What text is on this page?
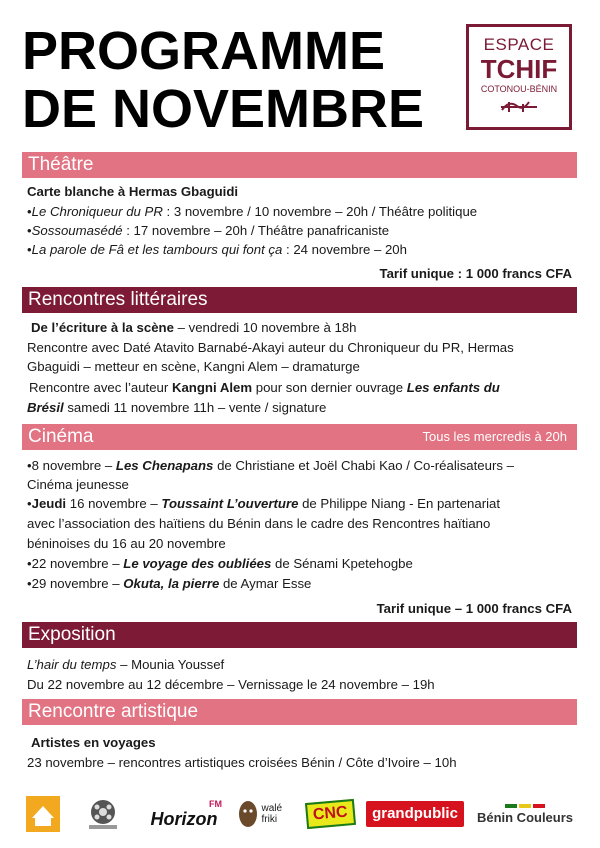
PROGRAMME
DE NOVEMBRE
ESPACE
TCHIF
COTONOU-BÉNIN
Théâtre
Carte blanche à Hermas Gbaguidi
•Le Chroniqueur du PR : 3 novembre / 10 novembre – 20h / Théâtre politique
•Sossoumasédé : 17 novembre – 20h / Théâtre panafricaniste
•La parole de Fâ et les tambours qui font ça : 24 novembre – 20h
Tarif unique : 1 000 francs CFA
Rencontres littéraires
De l’écriture à la scène – vendredi 10 novembre à 18h
Rencontre avec Daté Atavito Barnabé-Akayi auteur du Chroniqueur du PR, Hermas
Gbaguidi – metteur en scène, Kangni Alem – dramaturge
Rencontre avec l’auteur Kangni Alem pour son dernier ouvrage Les enfants du
Brésil samedi 11 novembre 11h – vente / signature
Cinéma	Tous les mercredis à 20h
•8 novembre – Les Chenapans de Christiane et Joël Chabi Kao / Co-réalisateurs –
Cinéma jeunesse
•Jeudi 16 novembre – Toussaint L’ouverture de Philippe Niang - En partenariat
avec l’association des haïtiens du Bénin dans le cadre des Rencontres haïtiano
béninoises du 16 au 20 novembre
•22 novembre – Le voyage des oubliées de Sénami Kpetehogbe
•29 novembre – Okuta, la pierre de Aymar Esse
Tarif unique – 1 000 francs CFA
Exposition
L’hair du temps – Mounia Youssef
Du 22 novembre au 12 décembre – Vernissage le 24 novembre – 19h
Rencontre artistique
Artistes en voyages
23 novembre – rencontres artistiques croisées Bénin / Côte d’Ivoire – 10h
FM
Horizon	walé friki	CNC	grandpublic	Bénin Couleurs
